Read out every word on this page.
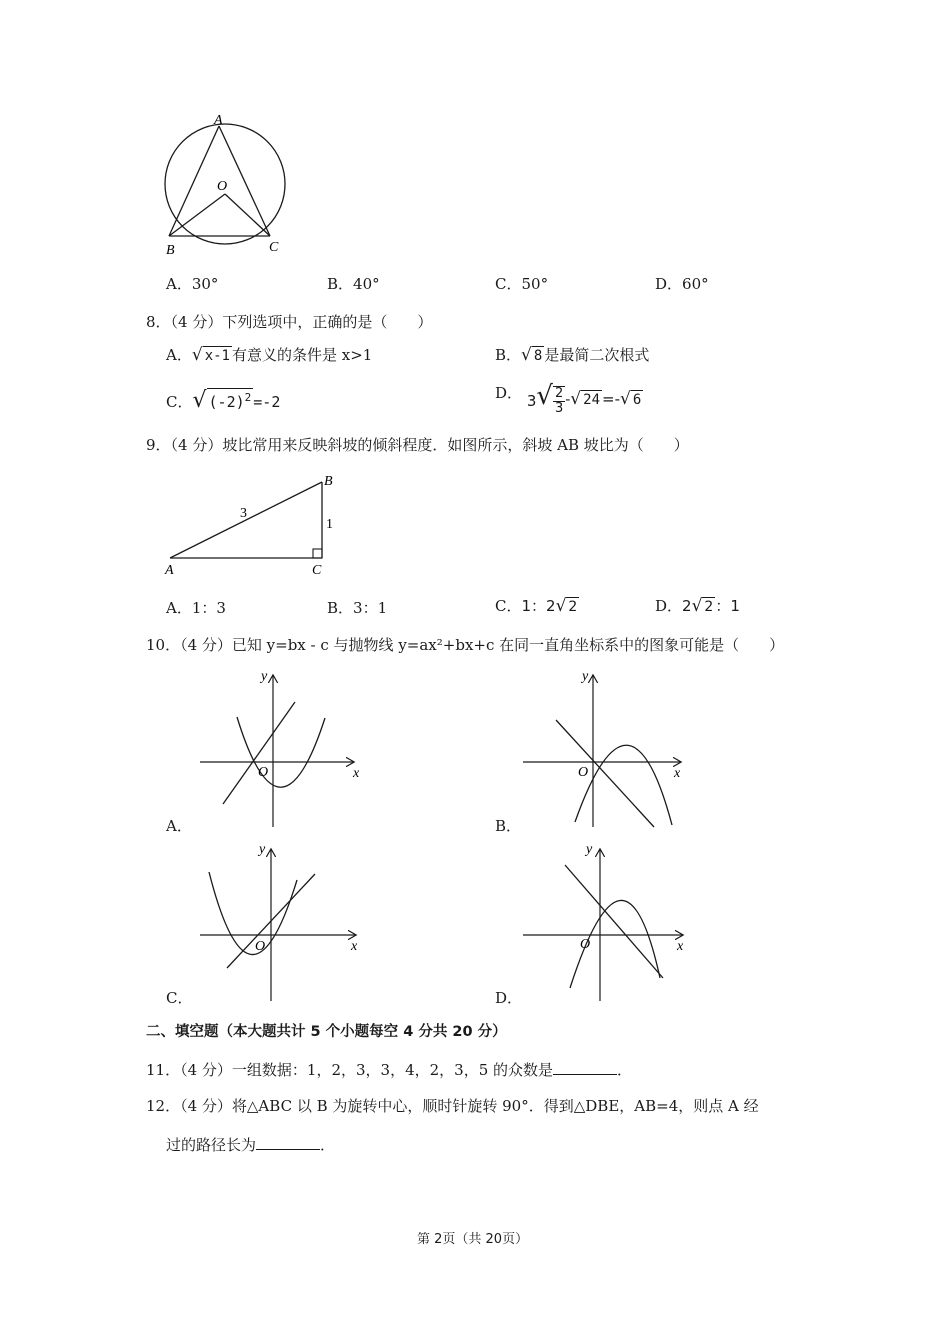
A
O
B	C
A．30°	B．40°	C．50°	D．60°
8．（4 分）下列选项中，正确的是（　　）
A．√ x-1 有意义的条件是 x>1	B．√ 8 是最简二次根式
C．√ $(-2)^2 =-2$	D． $3√ \frac{2}{3}$ -√ 24 =-√ 6
9．（4 分）坡比常用来反映斜坡的倾斜程度．如图所示，斜坡 AB 坡比为（　　）
B
A	C
3
1
A．1：3	B．3：1	C．1：2√ 2	D．2√ 2 ：1
10．（4 分）已知 y=bx - c 与抛物线 y=ax²+bx+c 在同一直角坐标系中的图象可能是（　　）
x
y
O
A．
x
y
O
B．
x
y
O
C．
x
y
O
D．
二、填空题（本大题共计 5 个小题每空 4 分共 20 分）
11．（4 分）一组数据：1，2，3，3，4，2，3，5 的众数是	．
12．（4 分）将△ABC 以 B 为旋转中心，顺时针旋转 90°．得到△DBE，AB=4，则点 A 经
过的路径长为	．
第 2页（共 20页）
